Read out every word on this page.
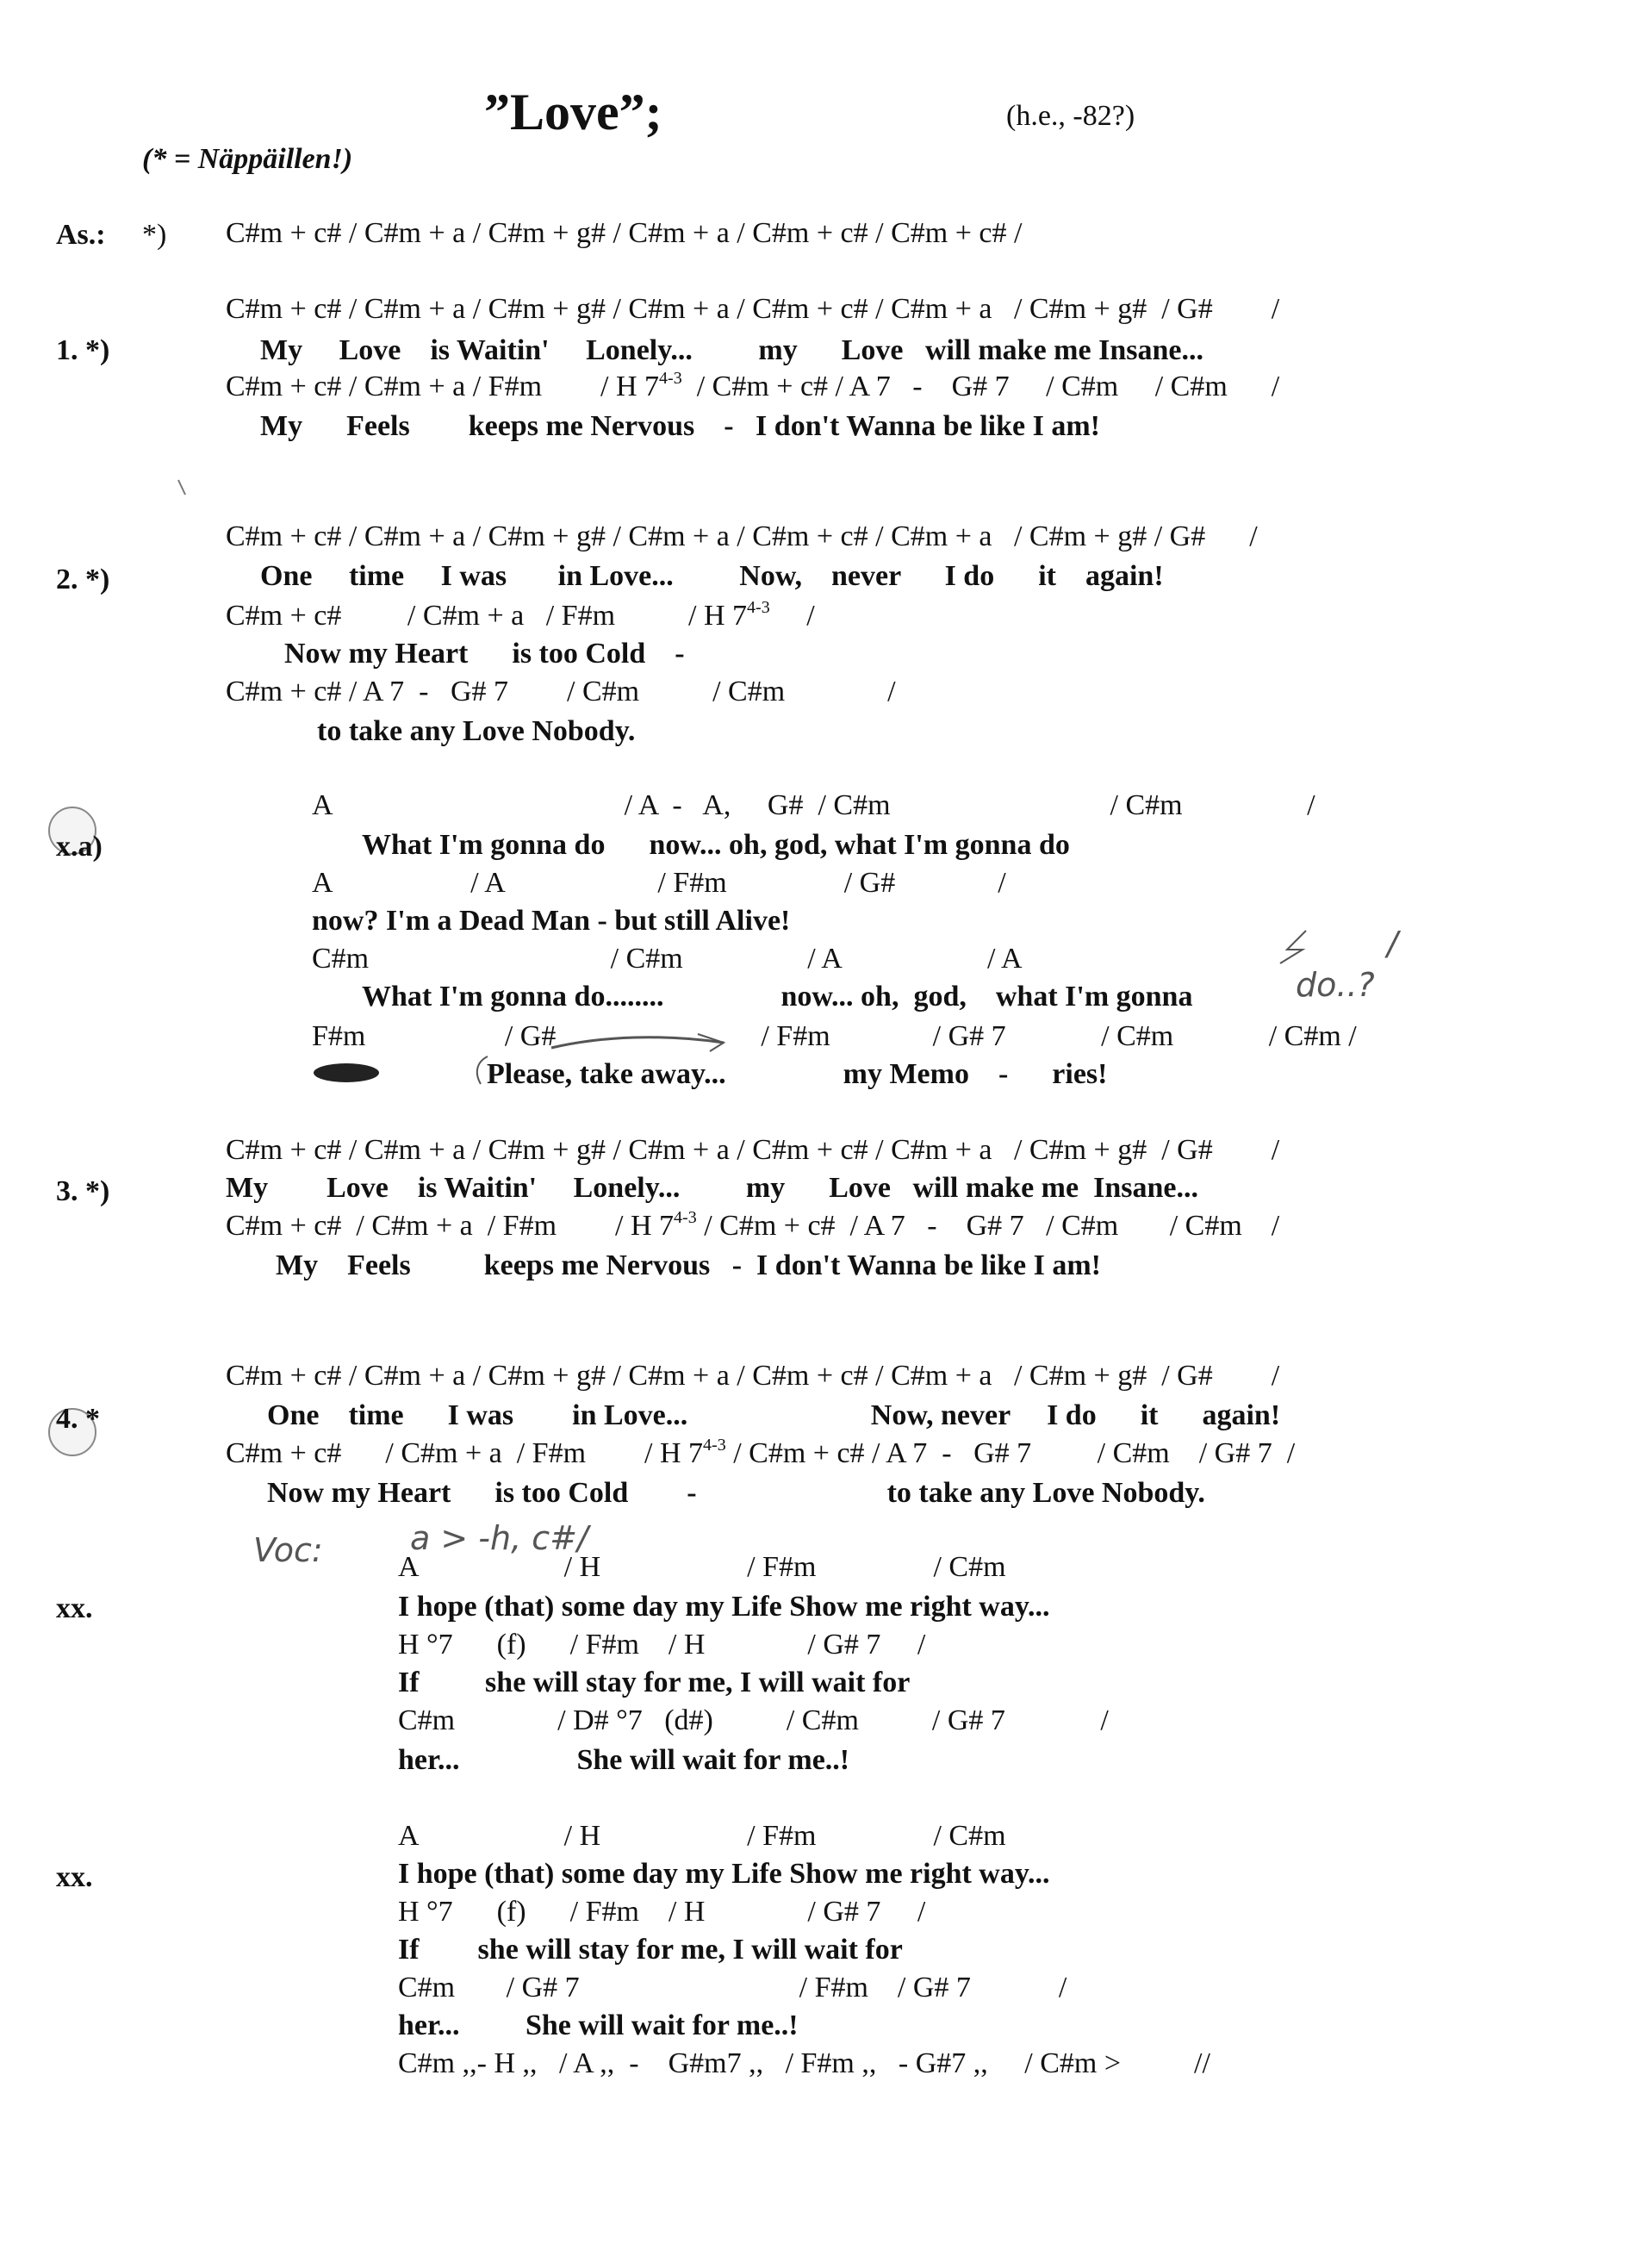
”Love”;	(h.e., -82?)
(* = Näppäillen!)
As.: *) C#m + c# / C#m + a / C#m + g# / C#m + a / C#m + c# / C#m + c# /
C#m + c# / C#m + a / C#m + g# / C#m + a / C#m + c# / C#m + a   / C#m + g#  / G#        /
1. *)	My     Love    is Waitin'     Lonely...         my      Love   will make me Insane...
C#m + c# / C#m + a / F#m        / H 7$^{4-3}$  / C#m + c# / A 7   -    G# 7     / C#m     / C#m      /
My      Feels        keeps me Nervous    -   I don't Wanna be like I am!
C#m + c# / C#m + a / C#m + g# / C#m + a / C#m + c# / C#m + a   / C#m + g# / G#      /
2. *)	One     time     I was       in Love...         Now,    never      I do      it    again!
C#m + c#         / C#m + a   / F#m          / H 7$^{4-3}$     /
Now my Heart      is too Cold    -
C#m + c# / A 7  -   G# 7        / C#m          / C#m              /
to take any Love Nobody.
A                                        / A  -   A,     G#  / C#m                              / C#m                 /
x.a)	What I'm gonna do      now... oh, god, what I'm gonna do
A                   / A                     / F#m                / G#              /
now? I'm a Dead Man - but still Alive!
C#m                                 / C#m                 / A                    / A	/
What I'm gonna do........                now... oh,  god,    what I'm gonna	do..?
F#m                   / G#                            / F#m              / G# 7             / C#m             / C#m /
Please, take away...                my Memo    -      ries!
C#m + c# / C#m + a / C#m + g# / C#m + a / C#m + c# / C#m + a   / C#m + g#  / G#        /
3. *)	My        Love    is Waitin'     Lonely...         my      Love   will make me  Insane...
C#m + c#  / C#m + a  / F#m        / H 7$^{4-3}$ / C#m + c#  / A 7   -    G# 7   / C#m       / C#m    /
My    Feels          keeps me Nervous   -  I don't Wanna be like I am!
C#m + c# / C#m + a / C#m + g# / C#m + a / C#m + c# / C#m + a   / C#m + g#  / G#        /
4. *	One    time      I was        in Love...                         Now, never     I do      it      again!
C#m + c#      / C#m + a  / F#m        / H 7$^{4-3}$ / C#m + c# / A 7  -   G# 7         / C#m    / G# 7  /
Now my Heart      is too Cold        -                          to take any Love Nobody.
Voc:	a > -h, c#/
A                    / H                    / F#m                / C#m
xx.	I hope (that) some day my Life Show me right way...
H °7      (f)      / F#m    / H              / G# 7     /
If         she will stay for me, I will wait for
C#m              / D# °7   (d#)          / C#m          / G# 7             /
her...                She will wait for me..!
A                    / H                    / F#m                / C#m
xx.	I hope (that) some day my Life Show me right way...
H °7      (f)      / F#m    / H              / G# 7     /
If        she will stay for me, I will wait for
C#m       / G# 7                              / F#m    / G# 7            /
her...         She will wait for me..!
C#m ,,- H ,,   / A ,,  -    G#m7 ,,   / F#m ,,   - G#7 ,,     / C#m >          //
